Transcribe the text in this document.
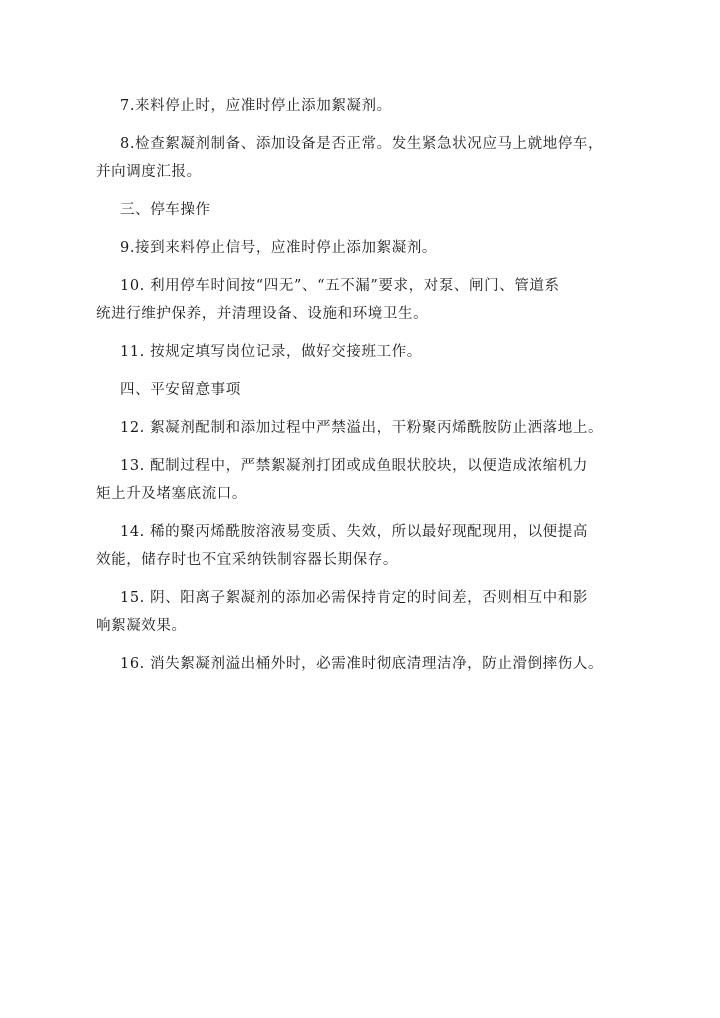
7.来料停止时，应准时停止添加絮凝剂。
8.检查絮凝剂制备、添加设备是否正常。发生紧急状况应马上就地停车，
并向调度汇报。
三、停车操作
9.接到来料停止信号，应准时停止添加絮凝剂。
10. 利用停车时间按“四无”、“五不漏”要求，对泵、闸门、管道系
统进行维护保养，并清理设备、设施和环境卫生。
11. 按规定填写岗位记录，做好交接班工作。
四、平安留意事项
12. 絮凝剂配制和添加过程中严禁溢出，干粉聚丙烯酰胺防止洒落地上。
13. 配制过程中，严禁絮凝剂打团或成鱼眼状胶块，以便造成浓缩机力
矩上升及堵塞底流口。
14. 稀的聚丙烯酰胺溶液易变质、失效，所以最好现配现用，以便提高
效能，储存时也不宜采纳铁制容器长期保存。
15. 阴、阳离子絮凝剂的添加必需保持肯定的时间差，否则相互中和影
响絮凝效果。
16. 消失絮凝剂溢出桶外时，必需准时彻底清理洁净，防止滑倒摔伤人。
